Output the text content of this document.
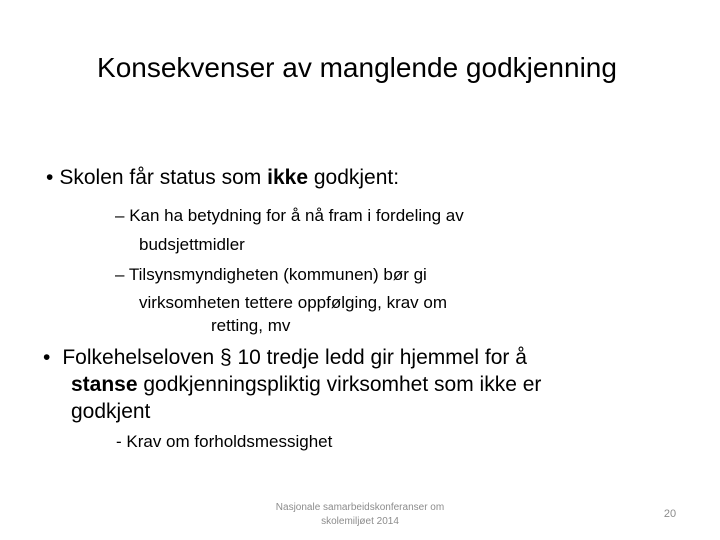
Konsekvenser av manglende godkjenning
• Skolen får status som ikke godkjent:
– Kan ha betydning for å nå fram i fordeling av
budsjettmidler
– Tilsynsmyndigheten (kommunen) bør gi
virksomheten tettere oppfølging, krav om
retting, mv
• Folkehelseloven § 10 tredje ledd gir hjemmel for å
stanse godkjenningspliktig virksomhet som ikke er
godkjent
- Krav om forholdsmessighet
Nasjonale samarbeidskonferanser om
skolemiljøet 2014
20
